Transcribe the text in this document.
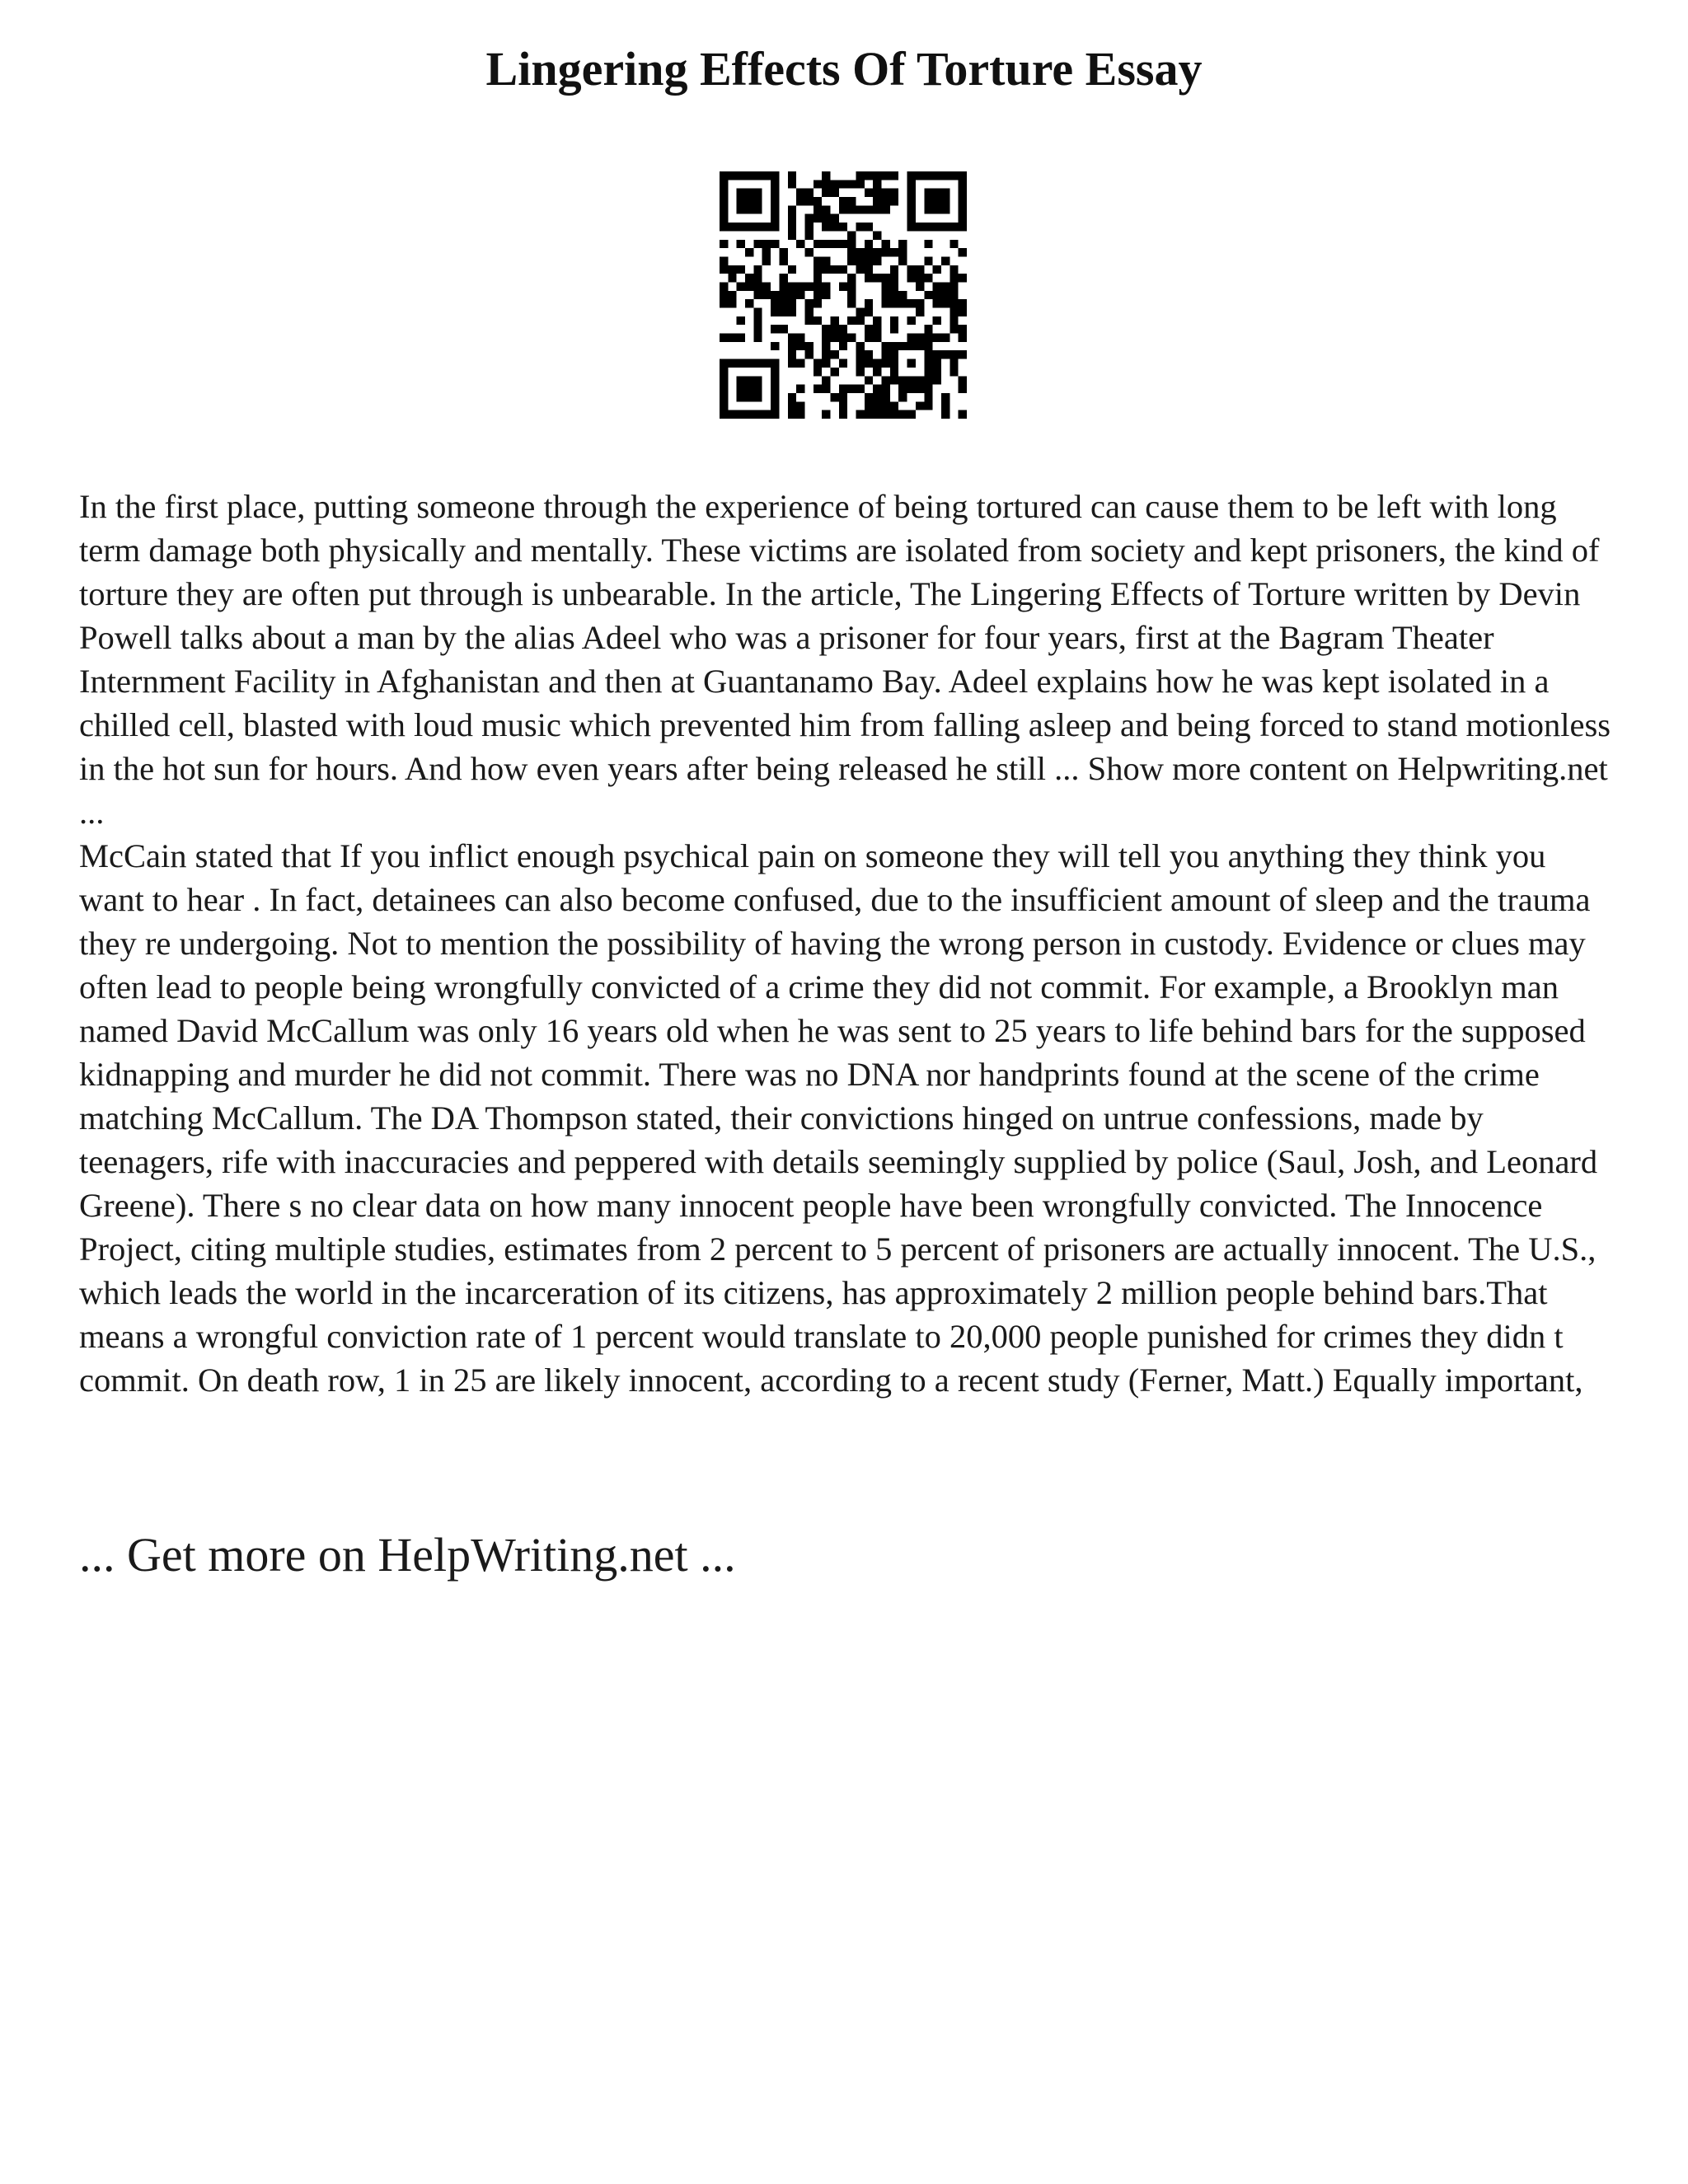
Lingering Effects Of Torture Essay

In the first place, putting someone through the experience of being tortured can cause them to be left with long term damage both physically and mentally. These victims are isolated from society and kept prisoners, the kind of torture they are often put through is unbearable. In the article, The Lingering Effects of Torture written by Devin Powell talks about a man by the alias Adeel who was a prisoner for four years, first at the Bagram Theater Internment Facility in Afghanistan and then at Guantanamo Bay. Adeel explains how he was kept isolated in a chilled cell, blasted with loud music which prevented him from falling asleep and being forced to stand motionless in the hot sun for hours. And how even years after being released he still ... Show more content on Helpwriting.net ...

McCain stated that If you inflict enough psychical pain on someone they will tell you anything they think you want to hear . In fact, detainees can also become confused, due to the insufficient amount of sleep and the trauma they re undergoing. Not to mention the possibility of having the wrong person in custody. Evidence or clues may often lead to people being wrongfully convicted of a crime they did not commit. For example, a Brooklyn man named David McCallum was only 16 years old when he was sent to 25 years to life behind bars for the supposed kidnapping and murder he did not commit. There was no DNA nor handprints found at the scene of the crime matching McCallum. The DA Thompson stated, their convictions hinged on untrue confessions, made by teenagers, rife with inaccuracies and peppered with details seemingly supplied by police (Saul, Josh, and Leonard Greene). There s no clear data on how many innocent people have been wrongfully convicted. The Innocence Project, citing multiple studies, estimates from 2 percent to 5 percent of prisoners are actually innocent. The U.S., which leads the world in the incarceration of its citizens, has approximately 2 million people behind bars.That means a wrongful conviction rate of 1 percent would translate to 20,000 people punished for crimes they didn t commit. On death row, 1 in 25 are likely innocent, according to a recent study (Ferner, Matt.) Equally important,

... Get more on HelpWriting.net ...
